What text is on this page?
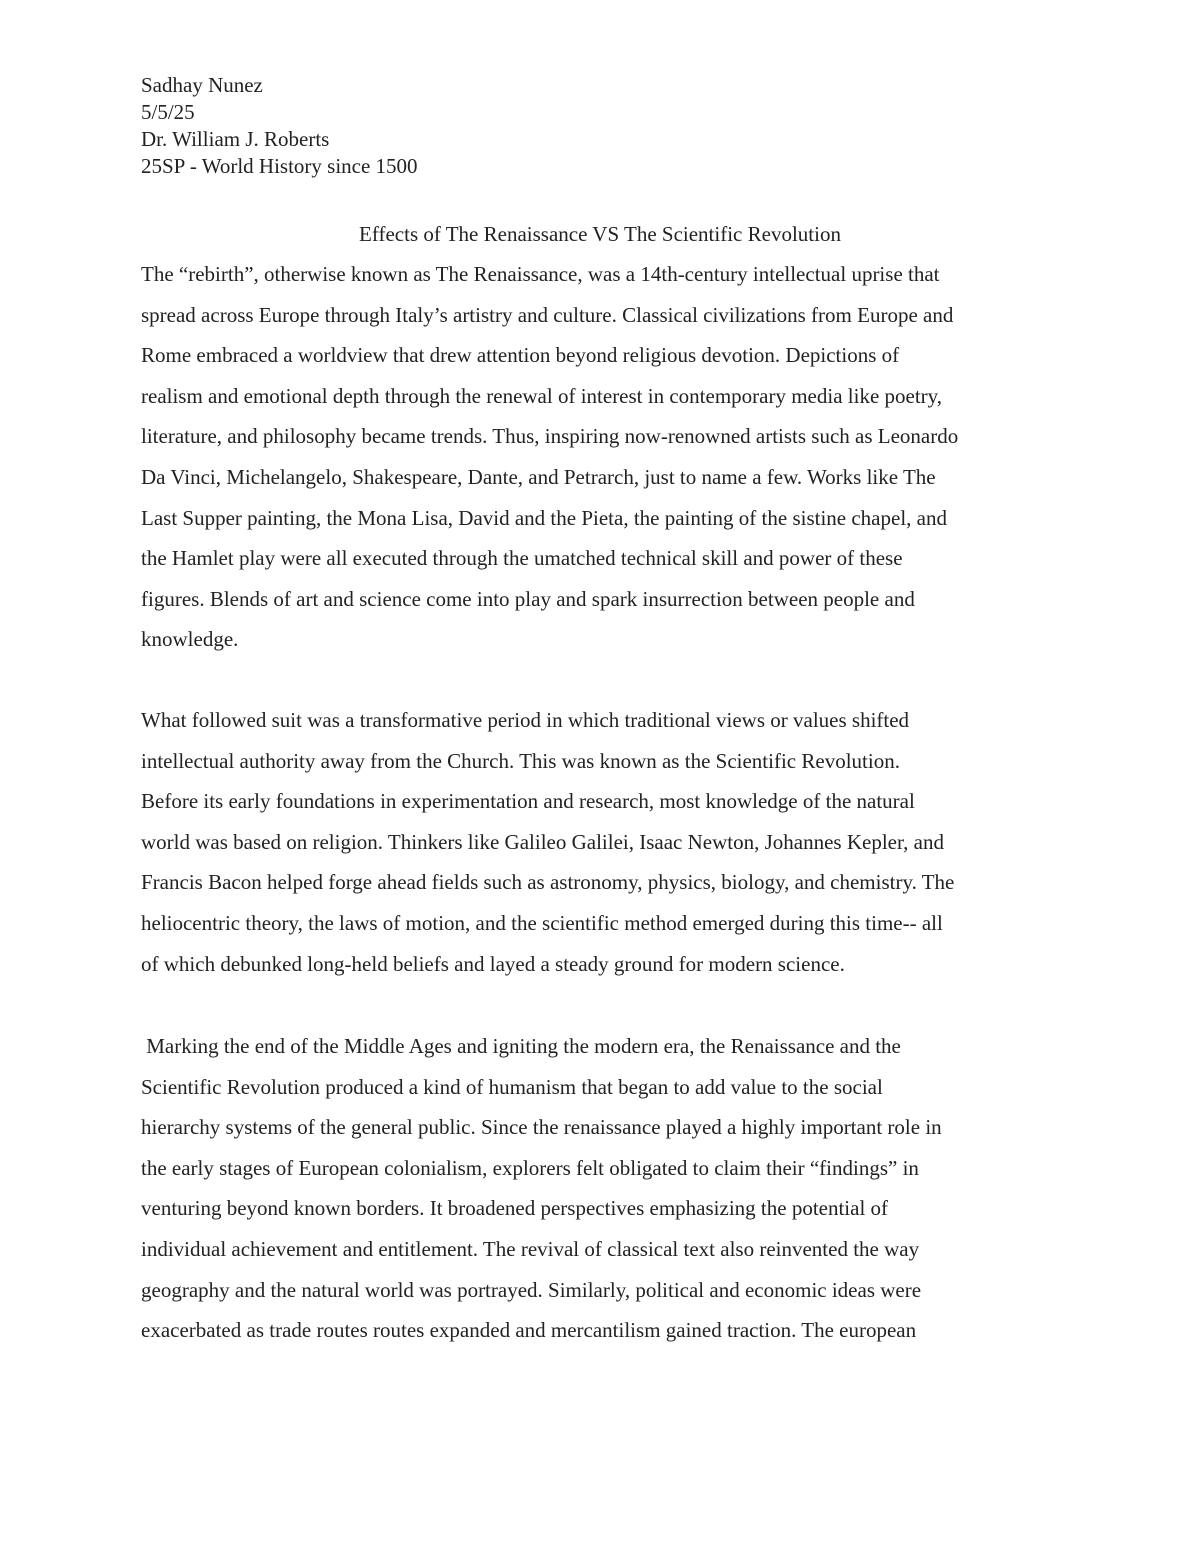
Sadhay Nunez
5/5/25
Dr. William J. Roberts
25SP - World History since 1500
Effects of The Renaissance VS The Scientific Revolution

The “rebirth”, otherwise known as The Renaissance, was a 14th-century intellectual uprise that
spread across Europe through Italy’s artistry and culture. Classical civilizations from Europe and
Rome embraced a worldview that drew attention beyond religious devotion. Depictions of
realism and emotional depth through the renewal of interest in contemporary media like poetry,
literature, and philosophy became trends. Thus, inspiring now-renowned artists such as Leonardo
Da Vinci, Michelangelo, Shakespeare, Dante, and Petrarch, just to name a few. Works like The
Last Supper painting, the Mona Lisa, David and the Pieta, the painting of the sistine chapel, and
the Hamlet play were all executed through the umatched technical skill and power of these
figures. Blends of art and science come into play and spark insurrection between people and
knowledge.

What followed suit was a transformative period in which traditional views or values shifted
intellectual authority away from the Church. This was known as the Scientific Revolution.
Before its early foundations in experimentation and research, most knowledge of the natural
world was based on religion. Thinkers like Galileo Galilei, Isaac Newton, Johannes Kepler, and
Francis Bacon helped forge ahead fields such as astronomy, physics, biology, and chemistry. The
heliocentric theory, the laws of motion, and the scientific method emerged during this time-- all
of which debunked long-held beliefs and layed a steady ground for modern science.

Marking the end of the Middle Ages and igniting the modern era, the Renaissance and the
Scientific Revolution produced a kind of humanism that began to add value to the social
hierarchy systems of the general public. Since the renaissance played a highly important role in
the early stages of European colonialism, explorers felt obligated to claim their “findings” in
venturing beyond known borders. It broadened perspectives emphasizing the potential of
individual achievement and entitlement. The revival of classical text also reinvented the way
geography and the natural world was portrayed. Similarly, political and economic ideas were
exacerbated as trade routes routes expanded and mercantilism gained traction. The european
